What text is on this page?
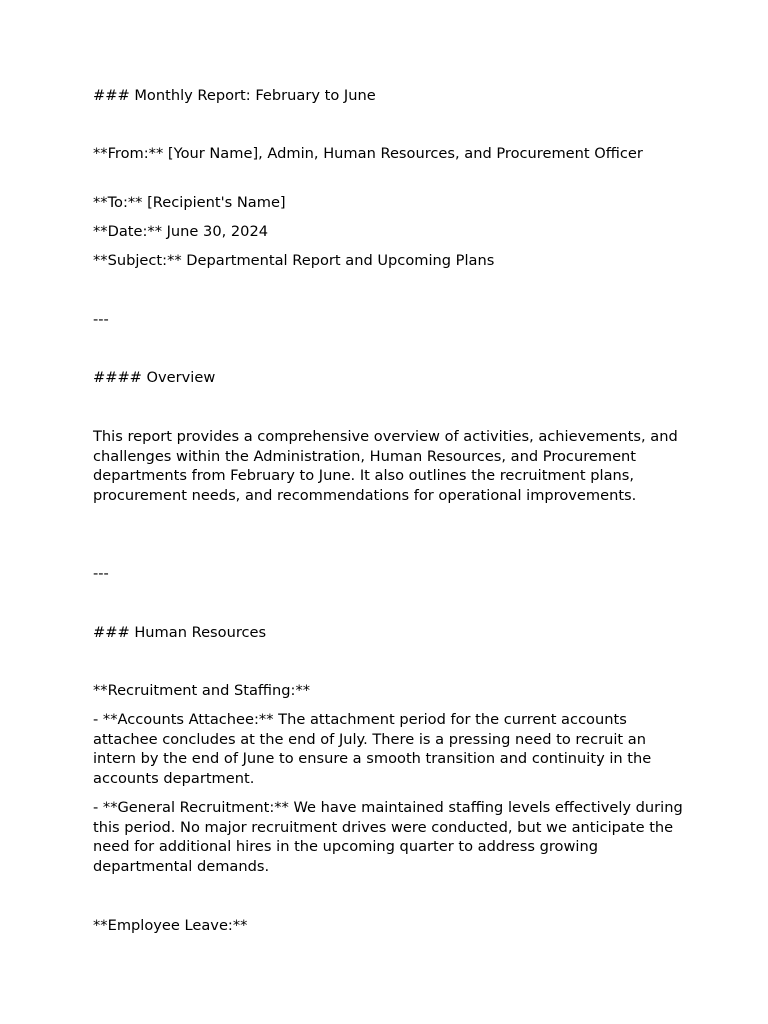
### Monthly Report: February to June

**From:** [Your Name], Admin, Human Resources, and Procurement Officer

**To:** [Recipient's Name]

**Date:** June 30, 2024

**Subject:** Departmental Report and Upcoming Plans

---

#### Overview

This report provides a comprehensive overview of activities, achievements, and challenges within the Administration, Human Resources, and Procurement departments from February to June. It also outlines the recruitment plans, procurement needs, and recommendations for operational improvements.

---

### Human Resources

**Recruitment and Staffing:**

- **Accounts Attachee:** The attachment period for the current accounts attachee concludes at the end of July. There is a pressing need to recruit an intern by the end of June to ensure a smooth transition and continuity in the accounts department.

- **General Recruitment:** We have maintained staffing levels effectively during this period. No major recruitment drives were conducted, but we anticipate the need for additional hires in the upcoming quarter to address growing departmental demands.

**Employee Leave:**
